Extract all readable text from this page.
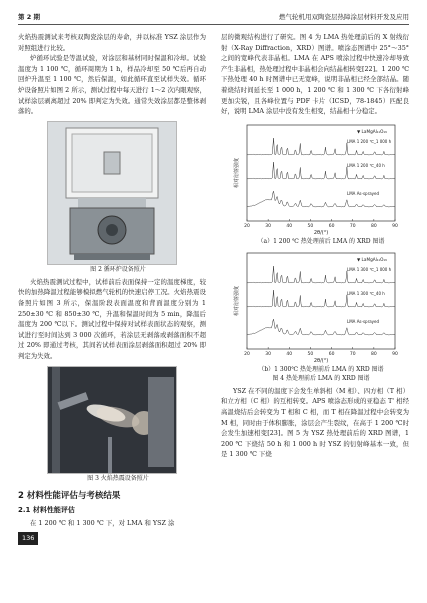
第 2 期	燃气轮机用双陶瓷层热障涂层材料开发及应用

火焰热震测试来考核双陶瓷涂层的寿命，并以标准 YSZ 涂层作为对照组进行比较。

炉循环试验是等温试验，对涂层和基材同时保温和冷却。试验温度为 1 100 ℃，循环周期为 1 h，样品冷却至 50 ℃后再自动回炉升温至 1 100 ℃，然后保温，如此循环直至试样失效。循环炉设备照片如图 2 所示，测试过程中每天进行 1～2 次内眼观察，试样涂层剥离超过 20% 即判定为失效。通常失效涂层都是整体剥落的。

图 2 循环炉设备照片

火焰热震测试过程中，试样前后表面保持一定的温度梯度，较快的加热降温过程能够模拟燃气轮机的快速启停工况。火焰热震设备照片如图 3 所示，保温阶段表面温度和背面温度分别为 1 250±30 ℃ 和 850±30 ℃，升温和保温时间为 5 min，降温后温度为 200 ℃以下。测试过程中保持对试样表面状态的观察，测试进行至时间达到 3 000 次循环，若涂层无剥落或剥落面积不超过 20% 即通过考核，其间若试样表面涂层剥落面积超过 20% 即判定为失效。

图 3 火焰热震设备照片

2 材料性能评估与考核结果
2.1 材料性能评估

在 1 200 ℃ 和 1 300 ℃ 下，对 LMA 和 YSZ 涂

136

层的微观结构进行了研究。图 4 为 LMA 热处理前后的 X 射线衍射（X-Ray Diffraction，XRD）图谱。喷涂态图谱中 25°～35°之间的宽峰代表非晶相。LMA 在 APS 喷涂过程中快速冷却导致产生非晶相，热处理过程中非晶相会向结晶相转变[22]。1 200 ℃ 下热处理 40 h 时图谱中已无宽峰，说明非晶相已经全部结晶。随着烧结时间延长至 1 000 h，1 200 ℃ 和 1 300 ℃ 下各衍射峰更加尖锐，且各峰位置与 PDF 卡片（ICSD，78-1845）匹配良好，说明 LMA 涂层中没有发生相变，结晶相十分稳定。

20	30	40	50	60	70	80	90
2θ/(°)
相对衍射强度
▼ LaMgAl₁₁O₁₉
LMA 1 200 ℃_1 000 h
LMA 1 200 ℃_40 h
LMA As-sprayed

（a）1 200 ℃ 热处理前后 LMA 的 XRD 图谱

20	30	40	50	60	70	80	90
2θ/(°)
相对衍射强度
▼ LaMgAl₁₁O₁₉
LMA 1 300 ℃_1 000 h
LMA 1 300 ℃_40 h
LMA As-sprayed

（b）1 300℃ 热处理前后 LMA 的 XRD 图谱

图 4 热处理前后 LMA 的 XRD 图谱

YSZ 在不同的温度下会发生单斜相（M 相）、四方相（T 相）和立方相（C 相）的互相转变。APS 喷涂态形成的亚稳态 T' 相经高温烧结后会转变为 T 相和 C 相，而 T 相在降温过程中会转变为 M 相，同时由于体积膨胀，涂层会产生裂纹，在高于 1 200 ℃时会发生加速相变[23]。图 5 为 YSZ 热处理前后的 XRD 图谱，1 200 ℃ 下烧结 50 h 和 1 000 h 时 YSZ 的衍射峰基本一致，但是 1 300 ℃ 下烧
